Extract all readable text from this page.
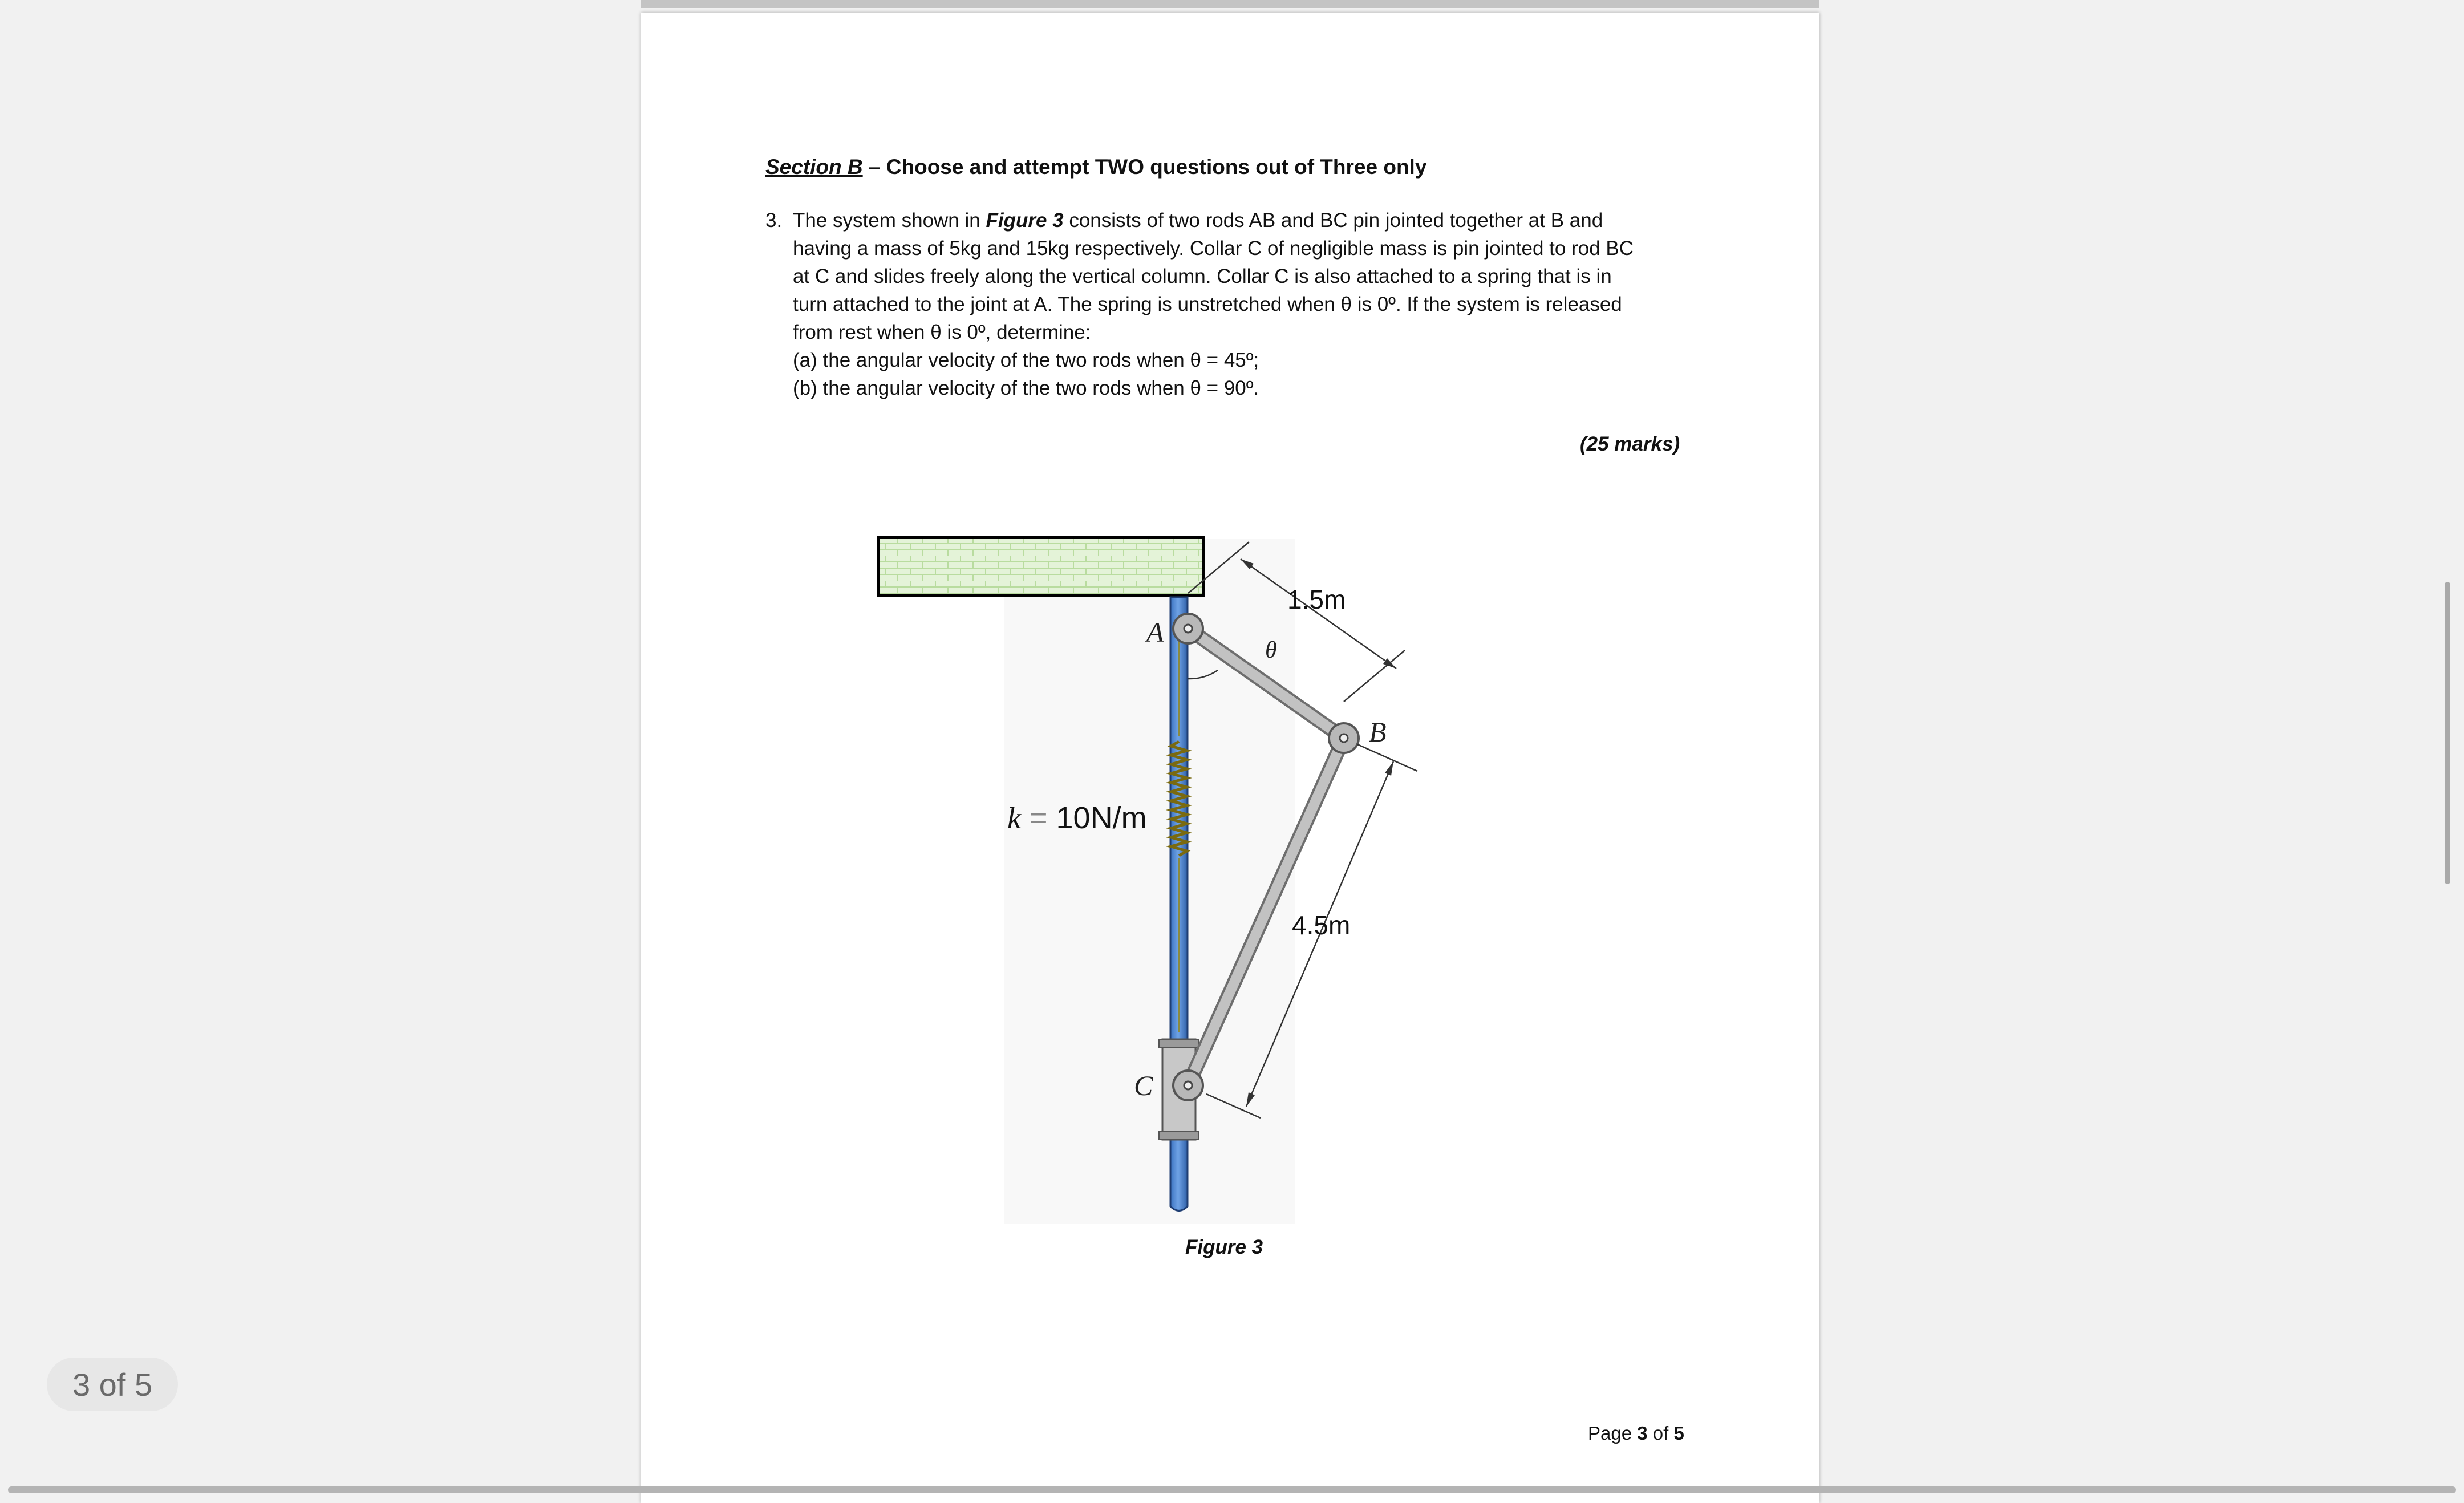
Section B – Choose and attempt TWO questions out of Three only
3. The system shown in Figure 3 consists of two rods AB and BC pin jointed together at B and
having a mass of 5kg and 15kg respectively. Collar C of negligible mass is pin jointed to rod BC
at C and slides freely along the vertical column. Collar C is also attached to a spring that is in
turn attached to the joint at A. The spring is unstretched when θ is 0º. If the system is released
from rest when θ is 0º, determine:
(a) the angular velocity of the two rods when θ = 45º;
(b) the angular velocity of the two rods when θ = 90º.
(25 marks)
A
B
C
θ
1.5m
4.5m
k = 10N/m
Figure 3
Page 3 of 5
3 of 5
